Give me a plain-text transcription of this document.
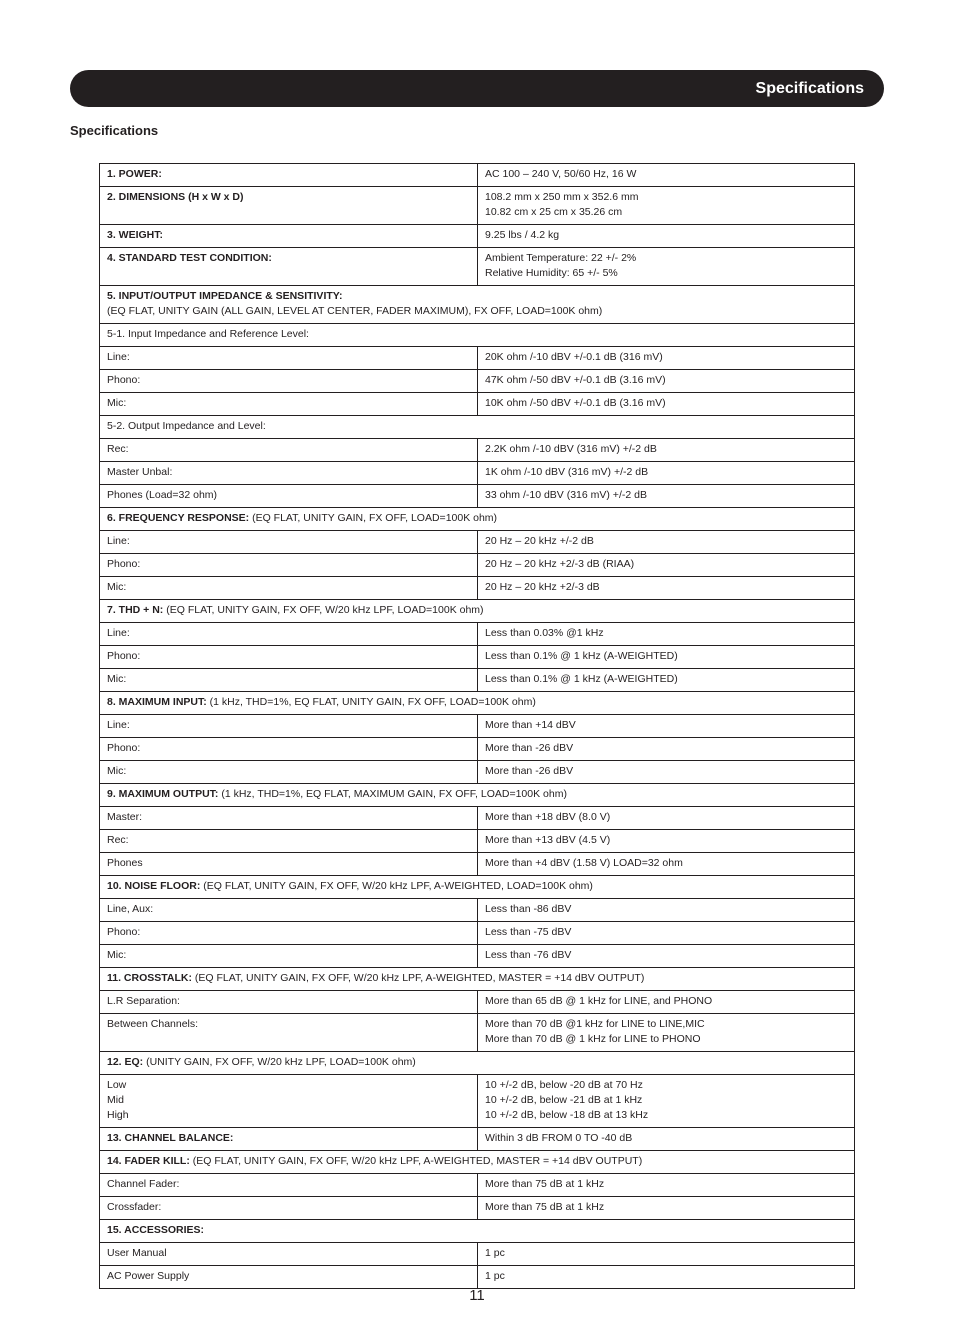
Specifications
Specifications
1. POWER:	AC 100 – 240 V, 50/60 Hz, 16 W

2. DIMENSIONS (H x W x D)	108.2 mm x 250 mm x 352.6 mm
10.82 cm x 25 cm x 35.26 cm

3. WEIGHT:	9.25 lbs / 4.2 kg

4. STANDARD TEST CONDITION:	Ambient Temperature: 22 +/- 2%
Relative Humidity: 65 +/- 5%

5. INPUT/OUTPUT IMPEDANCE & SENSITIVITY:
(EQ FLAT, UNITY GAIN (ALL GAIN, LEVEL AT CENTER, FADER MAXIMUM), FX OFF, LOAD=100K ohm)	

5-1. Input Impedance and Reference Level:	
Line:	20K ohm /-10 dBV +/-0.1 dB (316 mV)

Phono:	47K ohm /-50 dBV +/-0.1 dB (3.16 mV)

Mic:	10K ohm /-50 dBV +/-0.1 dB (3.16 mV)

5-2. Output Impedance and Level:	
Rec:	2.2K ohm /-10 dBV (316 mV) +/-2 dB

Master Unbal:	1K ohm /-10 dBV (316 mV) +/-2 dB

Phones (Load=32 ohm)	33 ohm /-10 dBV (316 mV) +/-2 dB

6. FREQUENCY RESPONSE: (EQ FLAT, UNITY GAIN, FX OFF, LOAD=100K ohm)	
Line:	20 Hz – 20 kHz +/-2 dB

Phono:	20 Hz – 20 kHz +2/-3 dB (RIAA)

Mic:	20 Hz – 20 kHz +2/-3 dB

7. THD + N: (EQ FLAT, UNITY GAIN, FX OFF, W/20 kHz LPF, LOAD=100K ohm)	
Line:	Less than 0.03% @1 kHz

Phono:	Less than 0.1% @ 1 kHz (A-WEIGHTED)

Mic:	Less than 0.1% @ 1 kHz (A-WEIGHTED)

8. MAXIMUM INPUT: (1 kHz, THD=1%, EQ FLAT, UNITY GAIN, FX OFF, LOAD=100K ohm)	
Line:	More than +14 dBV

Phono:	More than -26 dBV

Mic:	More than -26 dBV

9. MAXIMUM OUTPUT: (1 kHz, THD=1%, EQ FLAT, MAXIMUM GAIN, FX OFF, LOAD=100K ohm)	
Master:	More than +18 dBV (8.0 V)

Rec:	More than +13 dBV (4.5 V)

Phones	More than +4 dBV (1.58 V) LOAD=32 ohm

10. NOISE FLOOR: (EQ FLAT, UNITY GAIN, FX OFF, W/20 kHz LPF, A-WEIGHTED, LOAD=100K ohm)	
Line, Aux:	Less than -86 dBV

Phono:	Less than -75 dBV

Mic:	Less than -76 dBV

11. CROSSTALK: (EQ FLAT, UNITY GAIN, FX OFF, W/20 kHz LPF, A-WEIGHTED, MASTER = +14 dBV OUTPUT)	
L.R Separation:	More than 65 dB @ 1 kHz for LINE, and PHONO

Between Channels:	More than 70 dB @1 kHz for LINE to LINE,MIC
More than 70 dB @ 1 kHz for LINE to PHONO

12. EQ: (UNITY GAIN, FX OFF, W/20 kHz LPF, LOAD=100K ohm)	

Low
Mid
High	10 +/-2 dB, below -20 dB at 70 Hz
10 +/-2 dB, below -21 dB at 1 kHz
10 +/-2 dB, below -18 dB at 13 kHz

13. CHANNEL BALANCE:	Within 3 dB FROM 0 TO -40 dB

14. FADER KILL: (EQ FLAT, UNITY GAIN, FX OFF, W/20 kHz LPF, A-WEIGHTED, MASTER = +14 dBV OUTPUT)	
Channel Fader:	More than 75 dB at 1 kHz

Crossfader:	More than 75 dB at 1 kHz

15. ACCESSORIES:	
User Manual	1 pc

AC Power Supply	1 pc
11
